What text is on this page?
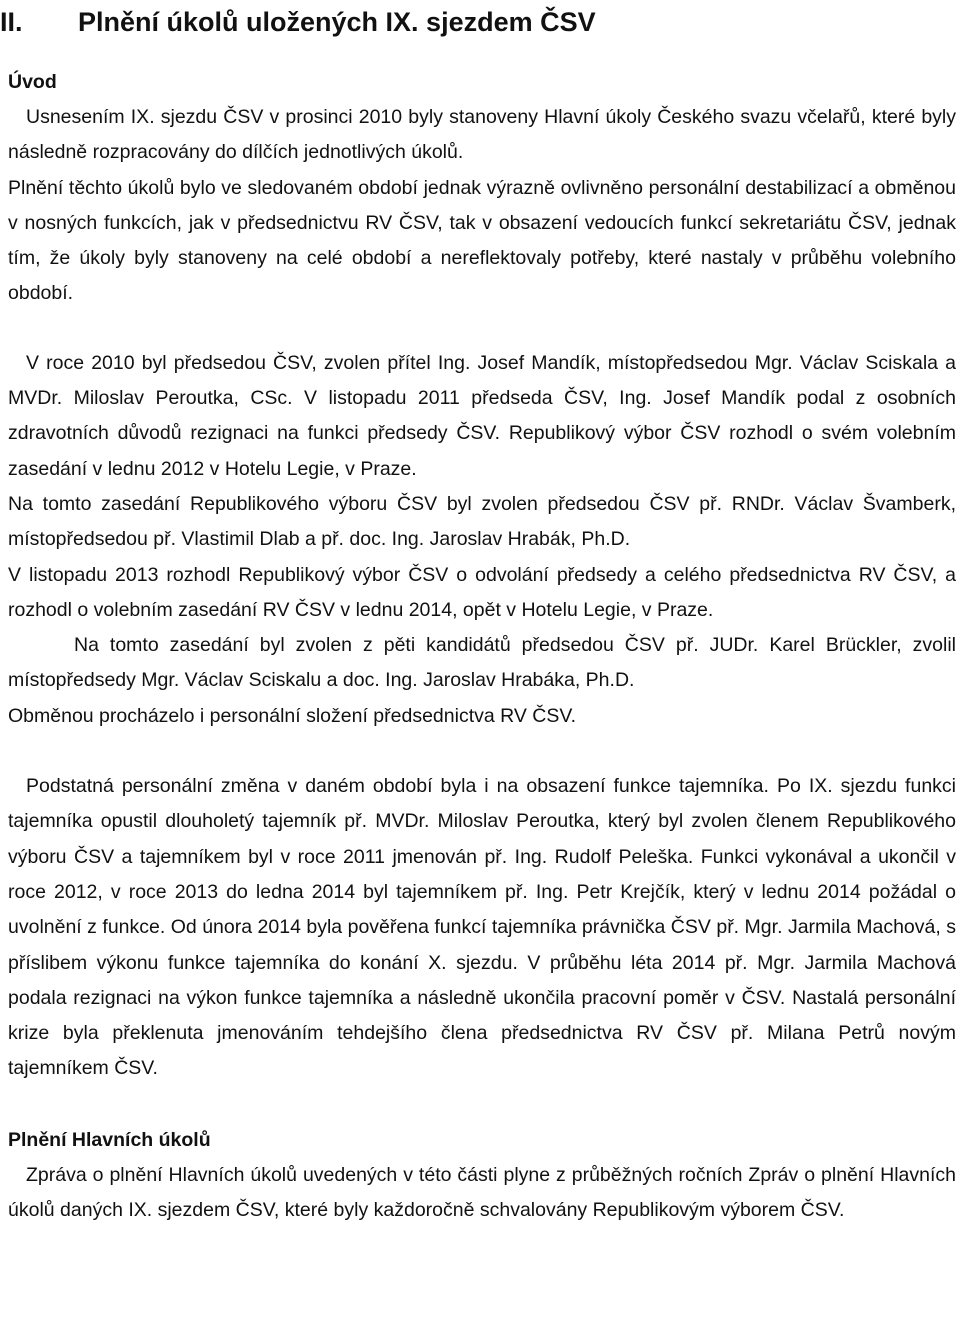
II. Plnění úkolů uložených IX. sjezdem ČSV
Úvod

Usnesením IX. sjezdu ČSV v prosinci 2010 byly stanoveny Hlavní úkoly Českého svazu včelařů, které byly následně rozpracovány do dílčích jednotlivých úkolů.

Plnění těchto úkolů bylo ve sledovaném období jednak výrazně ovlivněno personální destabilizací a obměnou v nosných funkcích, jak v předsednictvu RV ČSV, tak v obsazení vedoucích funkcí sekretariátu ČSV, jednak tím, že úkoly byly stanoveny na celé období a nereflektovaly potřeby, které nastaly v průběhu volebního období.

V roce 2010 byl předsedou ČSV, zvolen přítel Ing. Josef Mandík, místopředsedou Mgr. Václav Sciskala a MVDr. Miloslav Peroutka, CSc. V listopadu 2011 předseda ČSV, Ing. Josef Mandík podal z osobních zdravotních důvodů rezignaci na funkci předsedy ČSV. Republikový výbor ČSV rozhodl o svém volebním zasedání v lednu 2012 v Hotelu Legie, v Praze.

Na tomto zasedání Republikového výboru ČSV byl zvolen předsedou ČSV př. RNDr. Václav Švamberk, místopředsedou př. Vlastimil Dlab a př. doc. Ing. Jaroslav Hrabák, Ph.D.

V listopadu 2013 rozhodl Republikový výbor ČSV o odvolání předsedy a celého předsednictva RV ČSV, a rozhodl o volebním zasedání RV ČSV v lednu 2014, opět v Hotelu Legie, v Praze.

Na tomto zasedání byl zvolen z pěti kandidátů předsedou ČSV př. JUDr. Karel Brückler, zvolil místopředsedy Mgr. Václav Sciskalu a doc. Ing. Jaroslav Hrabáka, Ph.D.

Obměnou procházelo i personální složení předsednictva RV ČSV.

Podstatná personální změna v daném období byla i na obsazení funkce tajemníka. Po IX. sjezdu funkci tajemníka opustil dlouholetý tajemník př. MVDr. Miloslav Peroutka, který byl zvolen členem Republikového výboru ČSV a tajemníkem byl v roce 2011 jmenován př. Ing. Rudolf Peleška. Funkci vykonával a ukončil v roce 2012, v roce 2013 do ledna 2014 byl tajemníkem př. Ing. Petr Krejčík, který v lednu 2014 požádal o uvolnění z funkce. Od února 2014 byla pověřena funkcí tajemníka právnička ČSV př. Mgr. Jarmila Machová, s příslibem výkonu funkce tajemníka do konání X. sjezdu. V průběhu léta 2014 př. Mgr. Jarmila Machová podala rezignaci na výkon funkce tajemníka a následně ukončila pracovní poměr v ČSV. Nastalá personální krize byla překlenuta jmenováním tehdejšího člena předsednictva RV ČSV př. Milana Petrů novým tajemníkem ČSV.

Plnění Hlavních úkolů

Zpráva o plnění Hlavních úkolů uvedených v této části plyne z průběžných ročních Zpráv o plnění Hlavních úkolů daných IX. sjezdem ČSV, které byly každoročně schvalovány Republikovým výborem ČSV.
